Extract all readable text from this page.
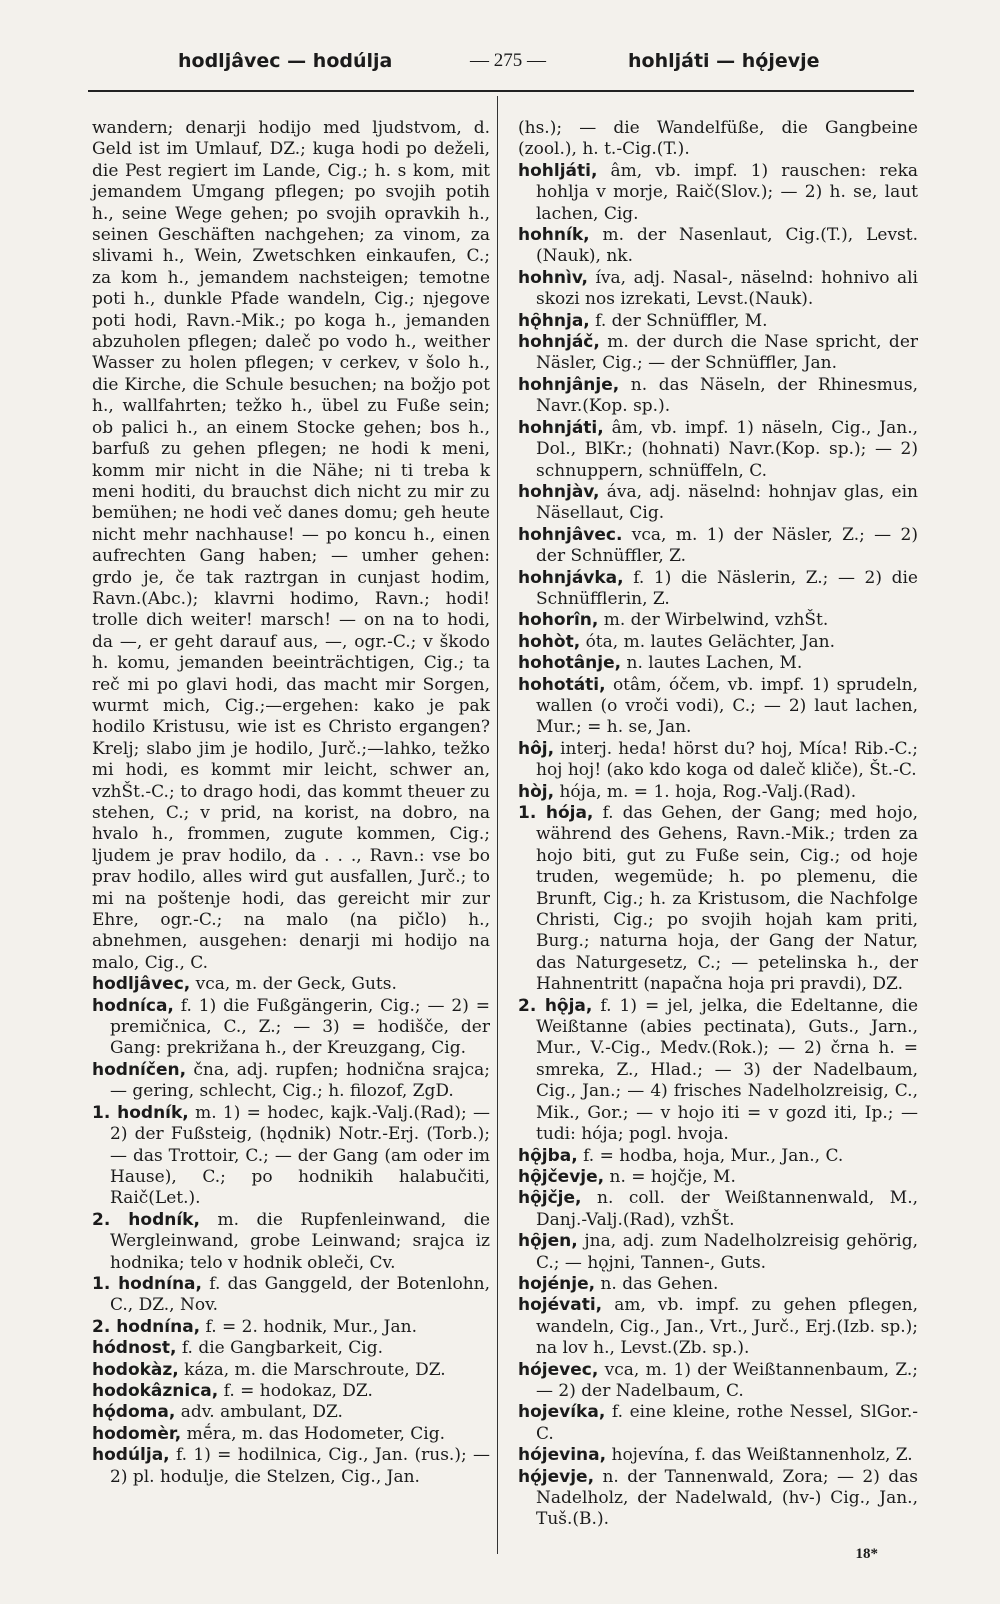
hodljâvec — hodúlja	— 275 —	hohljáti — hǫ́jevje

wandern; denarji hodijo med ljudstvom, d. Geld ist im Umlauf, DZ.; kuga hodi po deželi, die Pest regiert im Lande, Cig.; h. s kom, mit jemandem Umgang pflegen; po svojih potih h., seine Wege gehen; po svojih opravkih h., seinen Geschäften nachgehen; za vinom, za slivami h., Wein, Zwetschken einkaufen, C.; za kom h., jemandem nachsteigen; temotne poti h., dunkle Pfade wandeln, Cig.; njegove poti hodi, Ravn.-Mik.; po koga h., jemanden abzuholen pflegen; daleč po vodo h., weither Wasser zu holen pflegen; v cerkev, v šolo h., die Kirche, die Schule besuchen; na božjo pot h., wallfahrten; težko h., übel zu Fuße sein; ob palici h., an einem Stocke gehen; bos h., barfuß zu gehen pflegen; ne hodi k meni, komm mir nicht in die Nähe; ni ti treba k meni hoditi, du brauchst dich nicht zu mir zu bemühen; ne hodi več danes domu; geh heute nicht mehr nachhause! — po koncu h., einen aufrechten Gang haben; — umher gehen: grdo je, če tak raztrgan in cunjast hodim, Ravn.(Abc.); klavrni hodimo, Ravn.; hodi! trolle dich weiter! marsch! — on na to hodi, da —, er geht darauf aus, —, ogr.-C.; v škodo h. komu, jemanden beeinträchtigen, Cig.; ta reč mi po glavi hodi, das macht mir Sorgen, wurmt mich, Cig.;—ergehen: kako je pak hodilo Kristusu, wie ist es Christo ergangen? Krelj; slabo jim je hodilo, Jurč.;—lahko, težko mi hodi, es kommt mir leicht, schwer an, vzhŠt.-C.; to drago hodi, das kommt theuer zu stehen, C.; v prid, na korist, na dobro, na hvalo h., frommen, zugute kommen, Cig.; ljudem je prav hodilo, da . . ., Ravn.: vse bo prav hodilo, alles wird gut ausfallen, Jurč.; to mi na poštenje hodi, das gereicht mir zur Ehre, ogr.-C.; na malo (na pičlo) h., abnehmen, ausgehen: denarji mi hodijo na malo, Cig., C.

hodljâvec, vca, m. der Geck, Guts.

hodníca, f. 1) die Fußgängerin, Cig.; — 2) = premičnica, C., Z.; — 3) = hodišče, der Gang: prekrižana h., der Kreuzgang, Cig.

hodníčen, čna, adj. rupfen; hodnična srajca; — gering, schlecht, Cig.; h. filozof, ZgD.

1. hodník, m. 1) = hodec, kajk.-Valj.(Rad); — 2) der Fußsteig, (hǫdnik) Notr.-Erj. (Torb.); — das Trottoir, C.; — der Gang (am oder im Hause), C.; po hodnikih halabučiti, Raič(Let.).

2. hodník, m. die Rupfenleinwand, die Wergleinwand, grobe Leinwand; srajca iz hodnika; telo v hodnik obleči, Cv.

1. hodnína, f. das Ganggeld, der Botenlohn, C., DZ., Nov.

2. hodnína, f. = 2. hodnik, Mur., Jan.

hódnost, f. die Gangbarkeit, Cig.

hodokàz, káza, m. die Marschroute, DZ.

hodokâznica, f. = hodokaz, DZ.

hǫ́doma, adv. ambulant, DZ.

hodomèr, mḗra, m. das Hodometer, Cig.

hodúlja, f. 1) = hodilnica, Cig., Jan. (rus.); — 2) pl. hodulje, die Stelzen, Cig., Jan.

(hs.); — die Wandelfüße, die Gangbeine (zool.), h. t.-Cig.(T.).

hohljáti, âm, vb. impf. 1) rauschen: reka hohlja v morje, Raič(Slov.); — 2) h. se, laut lachen, Cig.

hohník, m. der Nasenlaut, Cig.(T.), Levst. (Nauk), nk.

hohnìv, íva, adj. Nasal-, näselnd: hohnivo ali skozi nos izrekati, Levst.(Nauk).

hǫ̑hnja, f. der Schnüffler, M.

hohnjáč, m. der durch die Nase spricht, der Näsler, Cig.; — der Schnüffler, Jan.

hohnjânje, n. das Näseln, der Rhinesmus, Navr.(Kop. sp.).

hohnjáti, âm, vb. impf. 1) näseln, Cig., Jan., Dol., BlKr.; (hohnati) Navr.(Kop. sp.); — 2) schnuppern, schnüffeln, C.

hohnjàv, áva, adj. näselnd: hohnjav glas, ein Näsellaut, Cig.

hohnjâvec. vca, m. 1) der Näsler, Z.; — 2) der Schnüffler, Z.

hohnjávka, f. 1) die Näslerin, Z.; — 2) die Schnüfflerin, Z.

hohorîn, m. der Wirbelwind, vzhŠt.

hohòt, óta, m. lautes Gelächter, Jan.

hohotânje, n. lautes Lachen, M.

hohotáti, otâm, óčem, vb. impf. 1) sprudeln, wallen (o vroči vodi), C.; — 2) laut lachen, Mur.; = h. se, Jan.

hôj, interj. heda! hörst du? hoj, Míca! Rib.-C.; hoj hoj! (ako kdo koga od daleč kliče), Št.-C.

hòj, hója, m. = 1. hoja, Rog.-Valj.(Rad).

1. hója, f. das Gehen, der Gang; med hojo, während des Gehens, Ravn.-Mik.; trden za hojo biti, gut zu Fuße sein, Cig.; od hoje truden, wegemüde; h. po plemenu, die Brunft, Cig.; h. za Kristusom, die Nachfolge Christi, Cig.; po svojih hojah kam priti, Burg.; naturna hoja, der Gang der Natur, das Naturgesetz, C.; — petelinska h., der Hahnentritt (napačna hoja pri pravdi), DZ.

2. hǫ̑ja, f. 1) = jel, jelka, die Edeltanne, die Weißtanne (abies pectinata), Guts., Jarn., Mur., V.-Cig., Medv.(Rok.); — 2) črna h. = smreka, Z., Hlad.; — 3) der Nadelbaum, Cig., Jan.; — 4) frisches Nadelholzreisig, C., Mik., Gor.; — v hojo iti = v gozd iti, Ip.; — tudi: hója; pogl. hvoja.

hǫ̑jba, f. = hodba, hoja, Mur., Jan., C.

hǫ̑jčevje, n. = hojčje, M.

hǫ̑jčje, n. coll. der Weißtannenwald, M., Danj.-Valj.(Rad), vzhŠt.

hǫ̑jen, jna, adj. zum Nadelholzreisig gehörig, C.; — hǫjni, Tannen-, Guts.

hojénje, n. das Gehen.

hojévati, am, vb. impf. zu gehen pflegen, wandeln, Cig., Jan., Vrt., Jurč., Erj.(Izb. sp.); na lov h., Levst.(Zb. sp.).

hójevec, vca, m. 1) der Weißtannenbaum, Z.; — 2) der Nadelbaum, C.

hojevíka, f. eine kleine, rothe Nessel, SlGor.-C.

hójevina, hojevína, f. das Weißtannenholz, Z.

hǫ́jevje, n. der Tannenwald, Zora; — 2) das Nadelholz, der Nadelwald, (hv-) Cig., Jan., Tuš.(B.).

18*
